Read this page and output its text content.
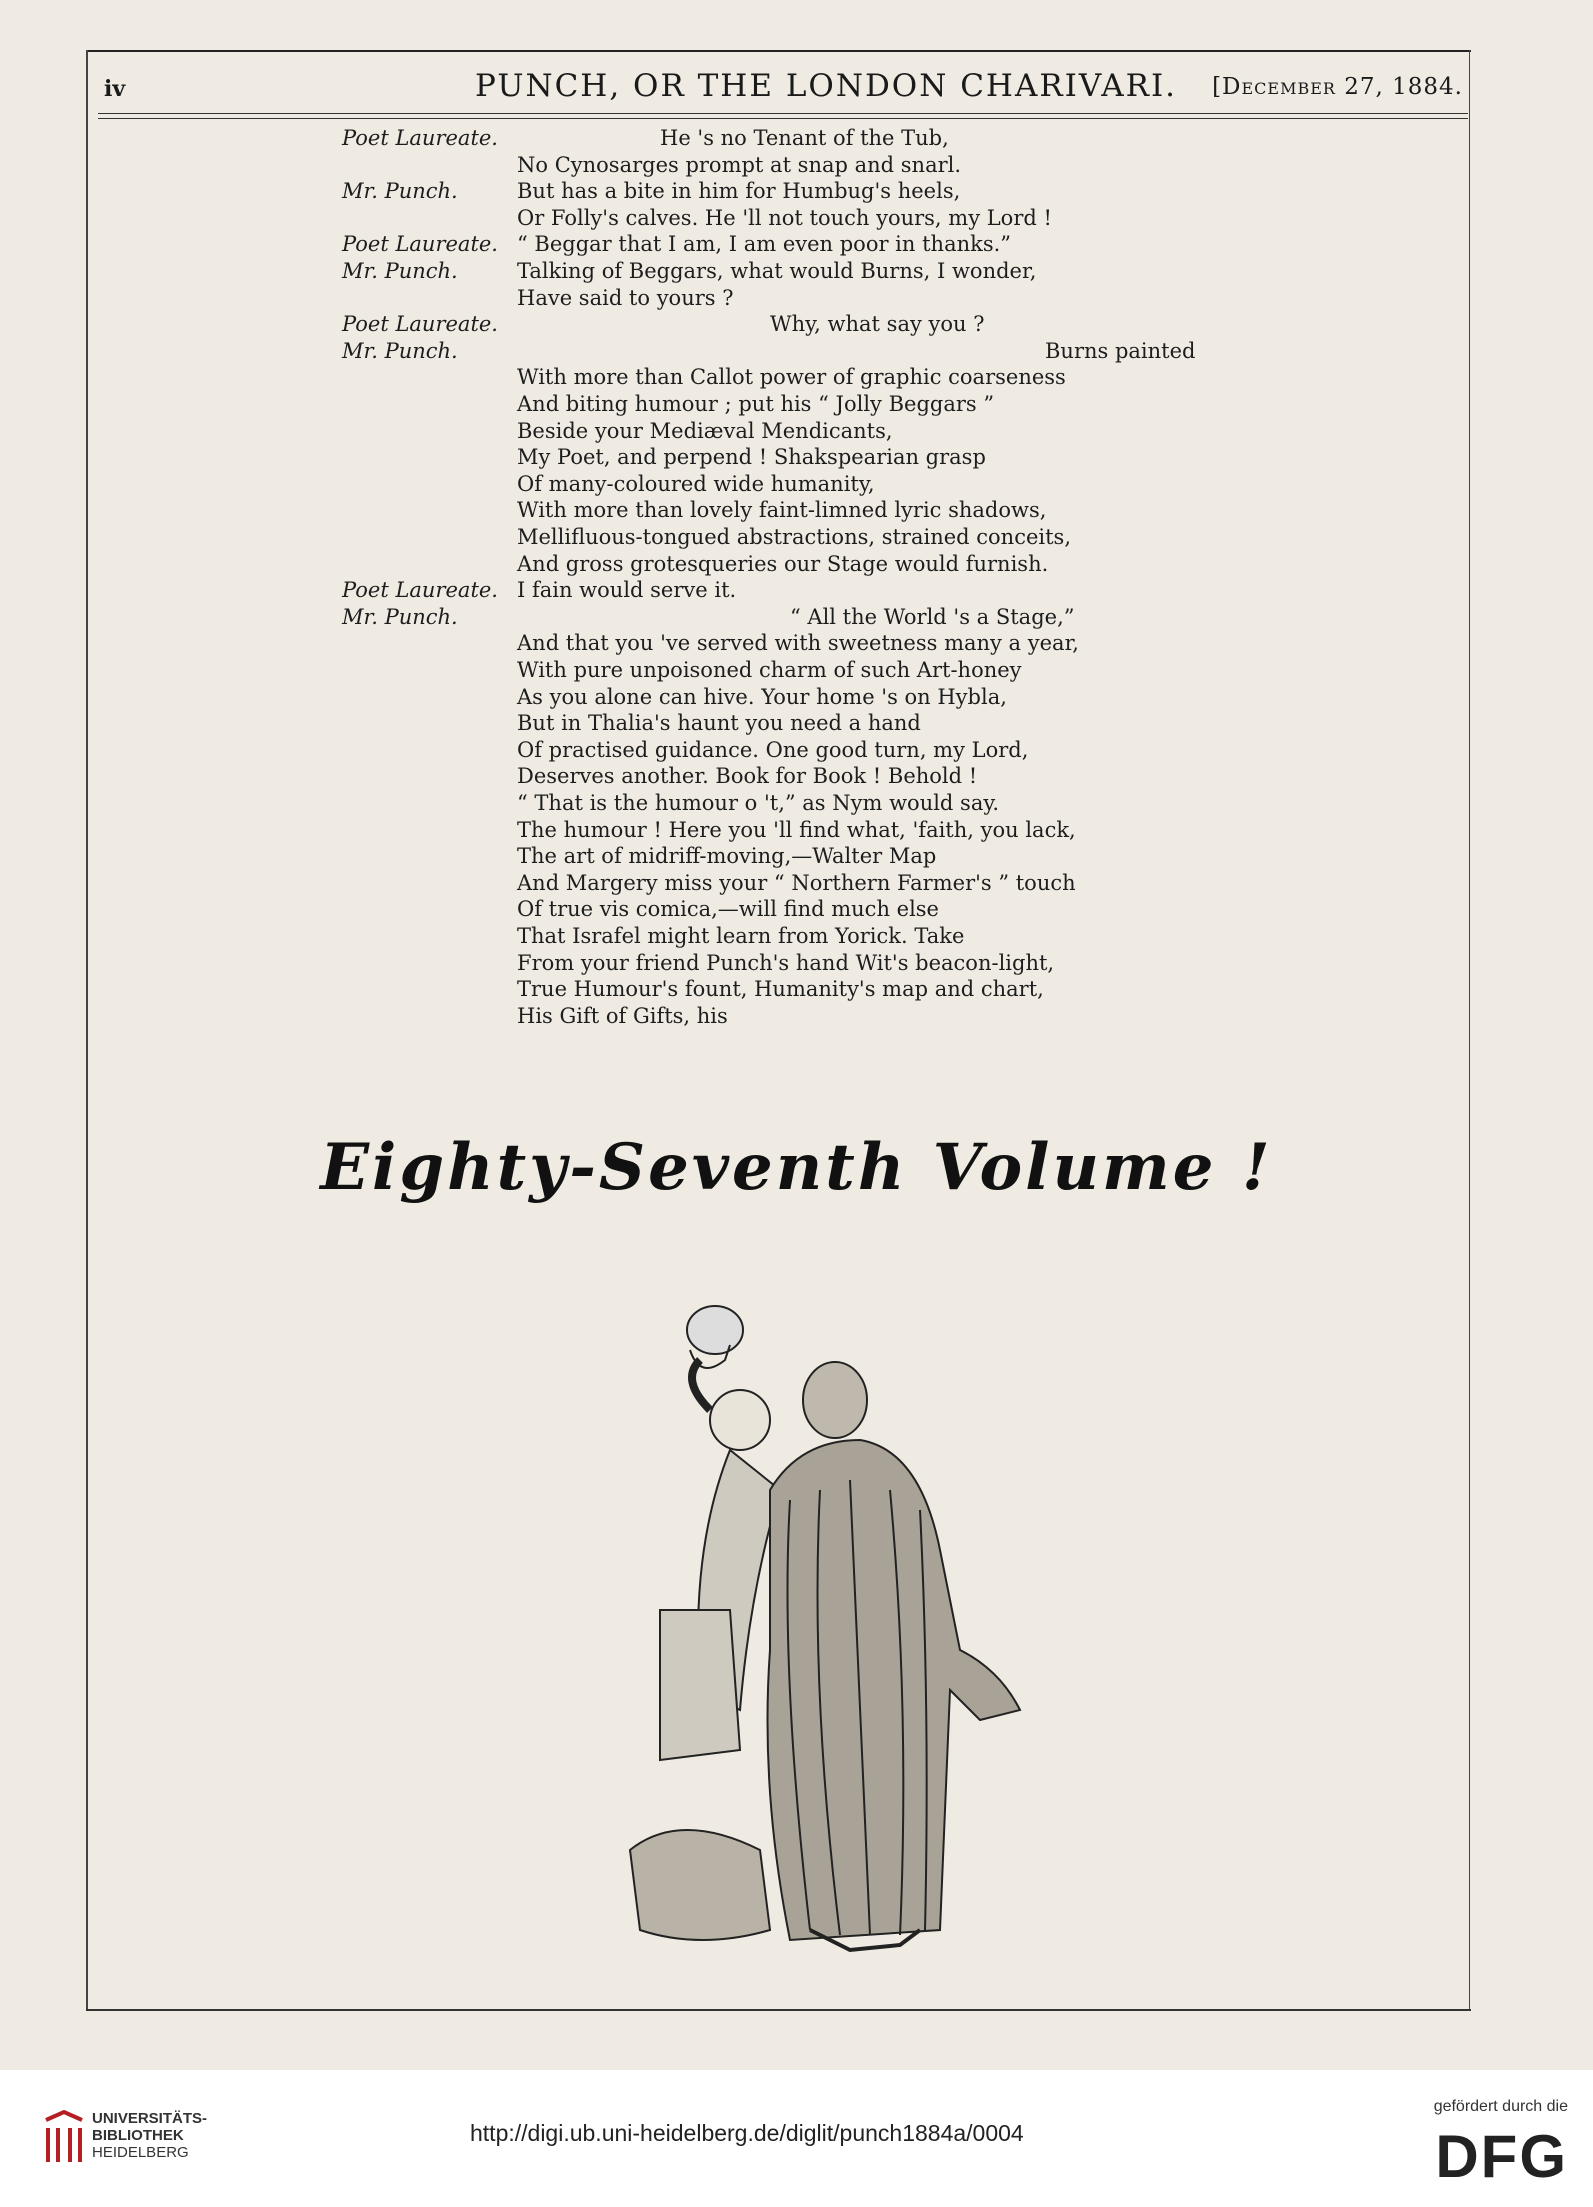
iv	PUNCH, OR THE LONDON CHARIVARI. [December 27, 1884.
Poet Laureate.	He 's no Tenant of the Tub,
No Cynosarges prompt at snap and snarl.
Mr. Punch.	But has a bite in him for Humbug's heels,
Or Folly's calves. He 'll not touch yours, my Lord !
Poet Laureate. “ Beggar that I am, I am even poor in thanks.”
Mr. Punch.	Talking of Beggars, what would Burns, I wonder,
Have said to yours ?
Poet Laureate.	Why, what say you ?
Mr. Punch.	Burns painted
With more than Callot power of graphic coarseness
And biting humour ; put his “ Jolly Beggars ”
Beside your Mediæval Mendicants,
My Poet, and perpend ! Shakspearian grasp
Of many-coloured wide humanity,
With more than lovely faint-limned lyric shadows,
Mellifluous-tongued abstractions, strained conceits,
And gross grotesqueries our Stage would furnish.
Poet Laureate. I fain would serve it.
Mr. Punch.	“ All the World 's a Stage,”
And that you 've served with sweetness many a year,
With pure unpoisoned charm of such Art-honey
As you alone can hive. Your home 's on Hybla,
But in Thalia's haunt you need a hand
Of practised guidance. One good turn, my Lord,
Deserves another. Book for Book ! Behold !
“ That is the humour o 't,” as Nym would say.
The humour ! Here you 'll find what, 'faith, you lack,
The art of midriff-moving,—Walter Map
And Margery miss your “ Northern Farmer's ” touch
Of true vis comica,—will find much else
That Israfel might learn from Yorick. Take
From your friend Punch's hand Wit's beacon-light,
True Humour's fount, Humanity's map and chart,
His Gift of Gifts, his
Eighty-Seventh Volume !
UNIVERSITÄTS-
BIBLIOTHEK
HEIDELBERG
http://digi.ub.uni-heidelberg.de/diglit/punch1884a/0004
gefördert durch die
DFG
